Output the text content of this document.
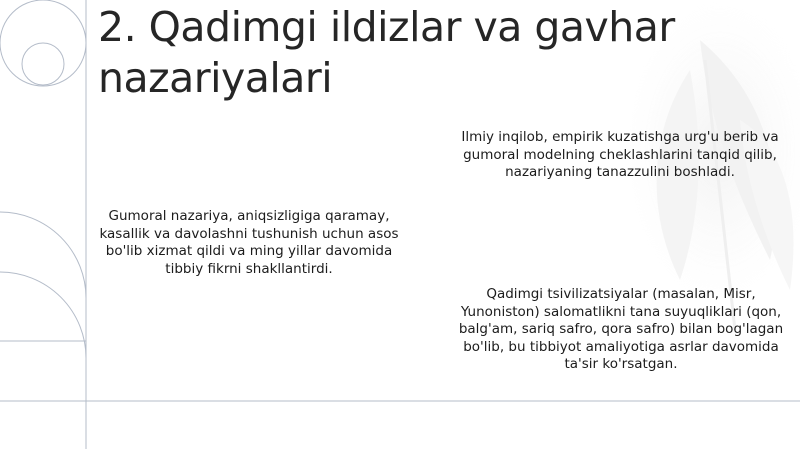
2. Qadimgi ildizlar va gavhar nazariyalari

Ilmiy inqilob, empirik kuzatishga urg'u berib va gumoral modelning cheklashlarini tanqid qilib, nazariyaning tanazzulini boshladi.

Gumoral nazariya, aniqsizligiga qaramay, kasallik va davolashni tushunish uchun asos bo'lib xizmat qildi va ming yillar davomida tibbiy fikrni shakllantirdi.

Qadimgi tsivilizatsiyalar (masalan, Misr, Yunoniston) salomatlikni tana suyuqliklari (qon, balg'am, sariq safro, qora safro) bilan bog'lagan bo'lib, bu tibbiyot amaliyotiga asrlar davomida ta'sir ko'rsatgan.
